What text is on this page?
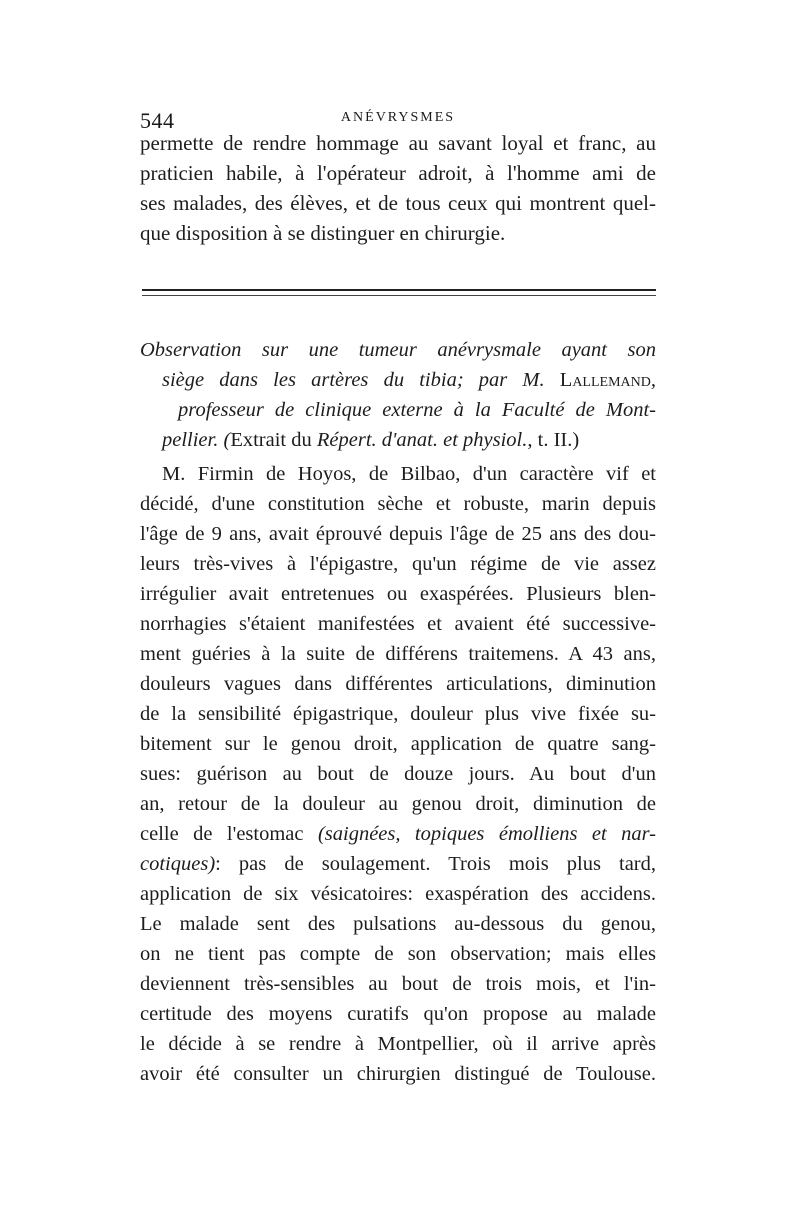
544	ANÉVRYSMES
permette de rendre hommage au savant loyal et franc, au
praticien habile, à l'opérateur adroit, à l'homme ami de
ses malades, des élèves, et de tous ceux qui montrent quel-
que disposition à se distinguer en chirurgie.
Observation sur une tumeur anévrysmale ayant son
siège dans les artères du tibia; par M. Lallemand,
professeur de clinique externe à la Faculté de Mont-
pellier. (Extrait du Répert. d'anat. et physiol., t. II.)
M. Firmin de Hoyos, de Bilbao, d'un caractère vif et
décidé, d'une constitution sèche et robuste, marin depuis
l'âge de 9 ans, avait éprouvé depuis l'âge de 25 ans des dou-
leurs très-vives à l'épigastre, qu'un régime de vie assez
irrégulier avait entretenues ou exaspérées. Plusieurs blen-
norrhagies s'étaient manifestées et avaient été successive-
ment guéries à la suite de différens traitemens. A 43 ans,
douleurs vagues dans différentes articulations, diminution
de la sensibilité épigastrique, douleur plus vive fixée su-
bitement sur le genou droit, application de quatre sang-
sues: guérison au bout de douze jours. Au bout d'un
an, retour de la douleur au genou droit, diminution de
celle de l'estomac (saignées, topiques émolliens et nar-
cotiques): pas de soulagement. Trois mois plus tard,
application de six vésicatoires: exaspération des accidens.
Le malade sent des pulsations au-dessous du genou,
on ne tient pas compte de son observation; mais elles
deviennent très-sensibles au bout de trois mois, et l'in-
certitude des moyens curatifs qu'on propose au malade
le décide à se rendre à Montpellier, où il arrive après
avoir été consulter un chirurgien distingué de Toulouse.
